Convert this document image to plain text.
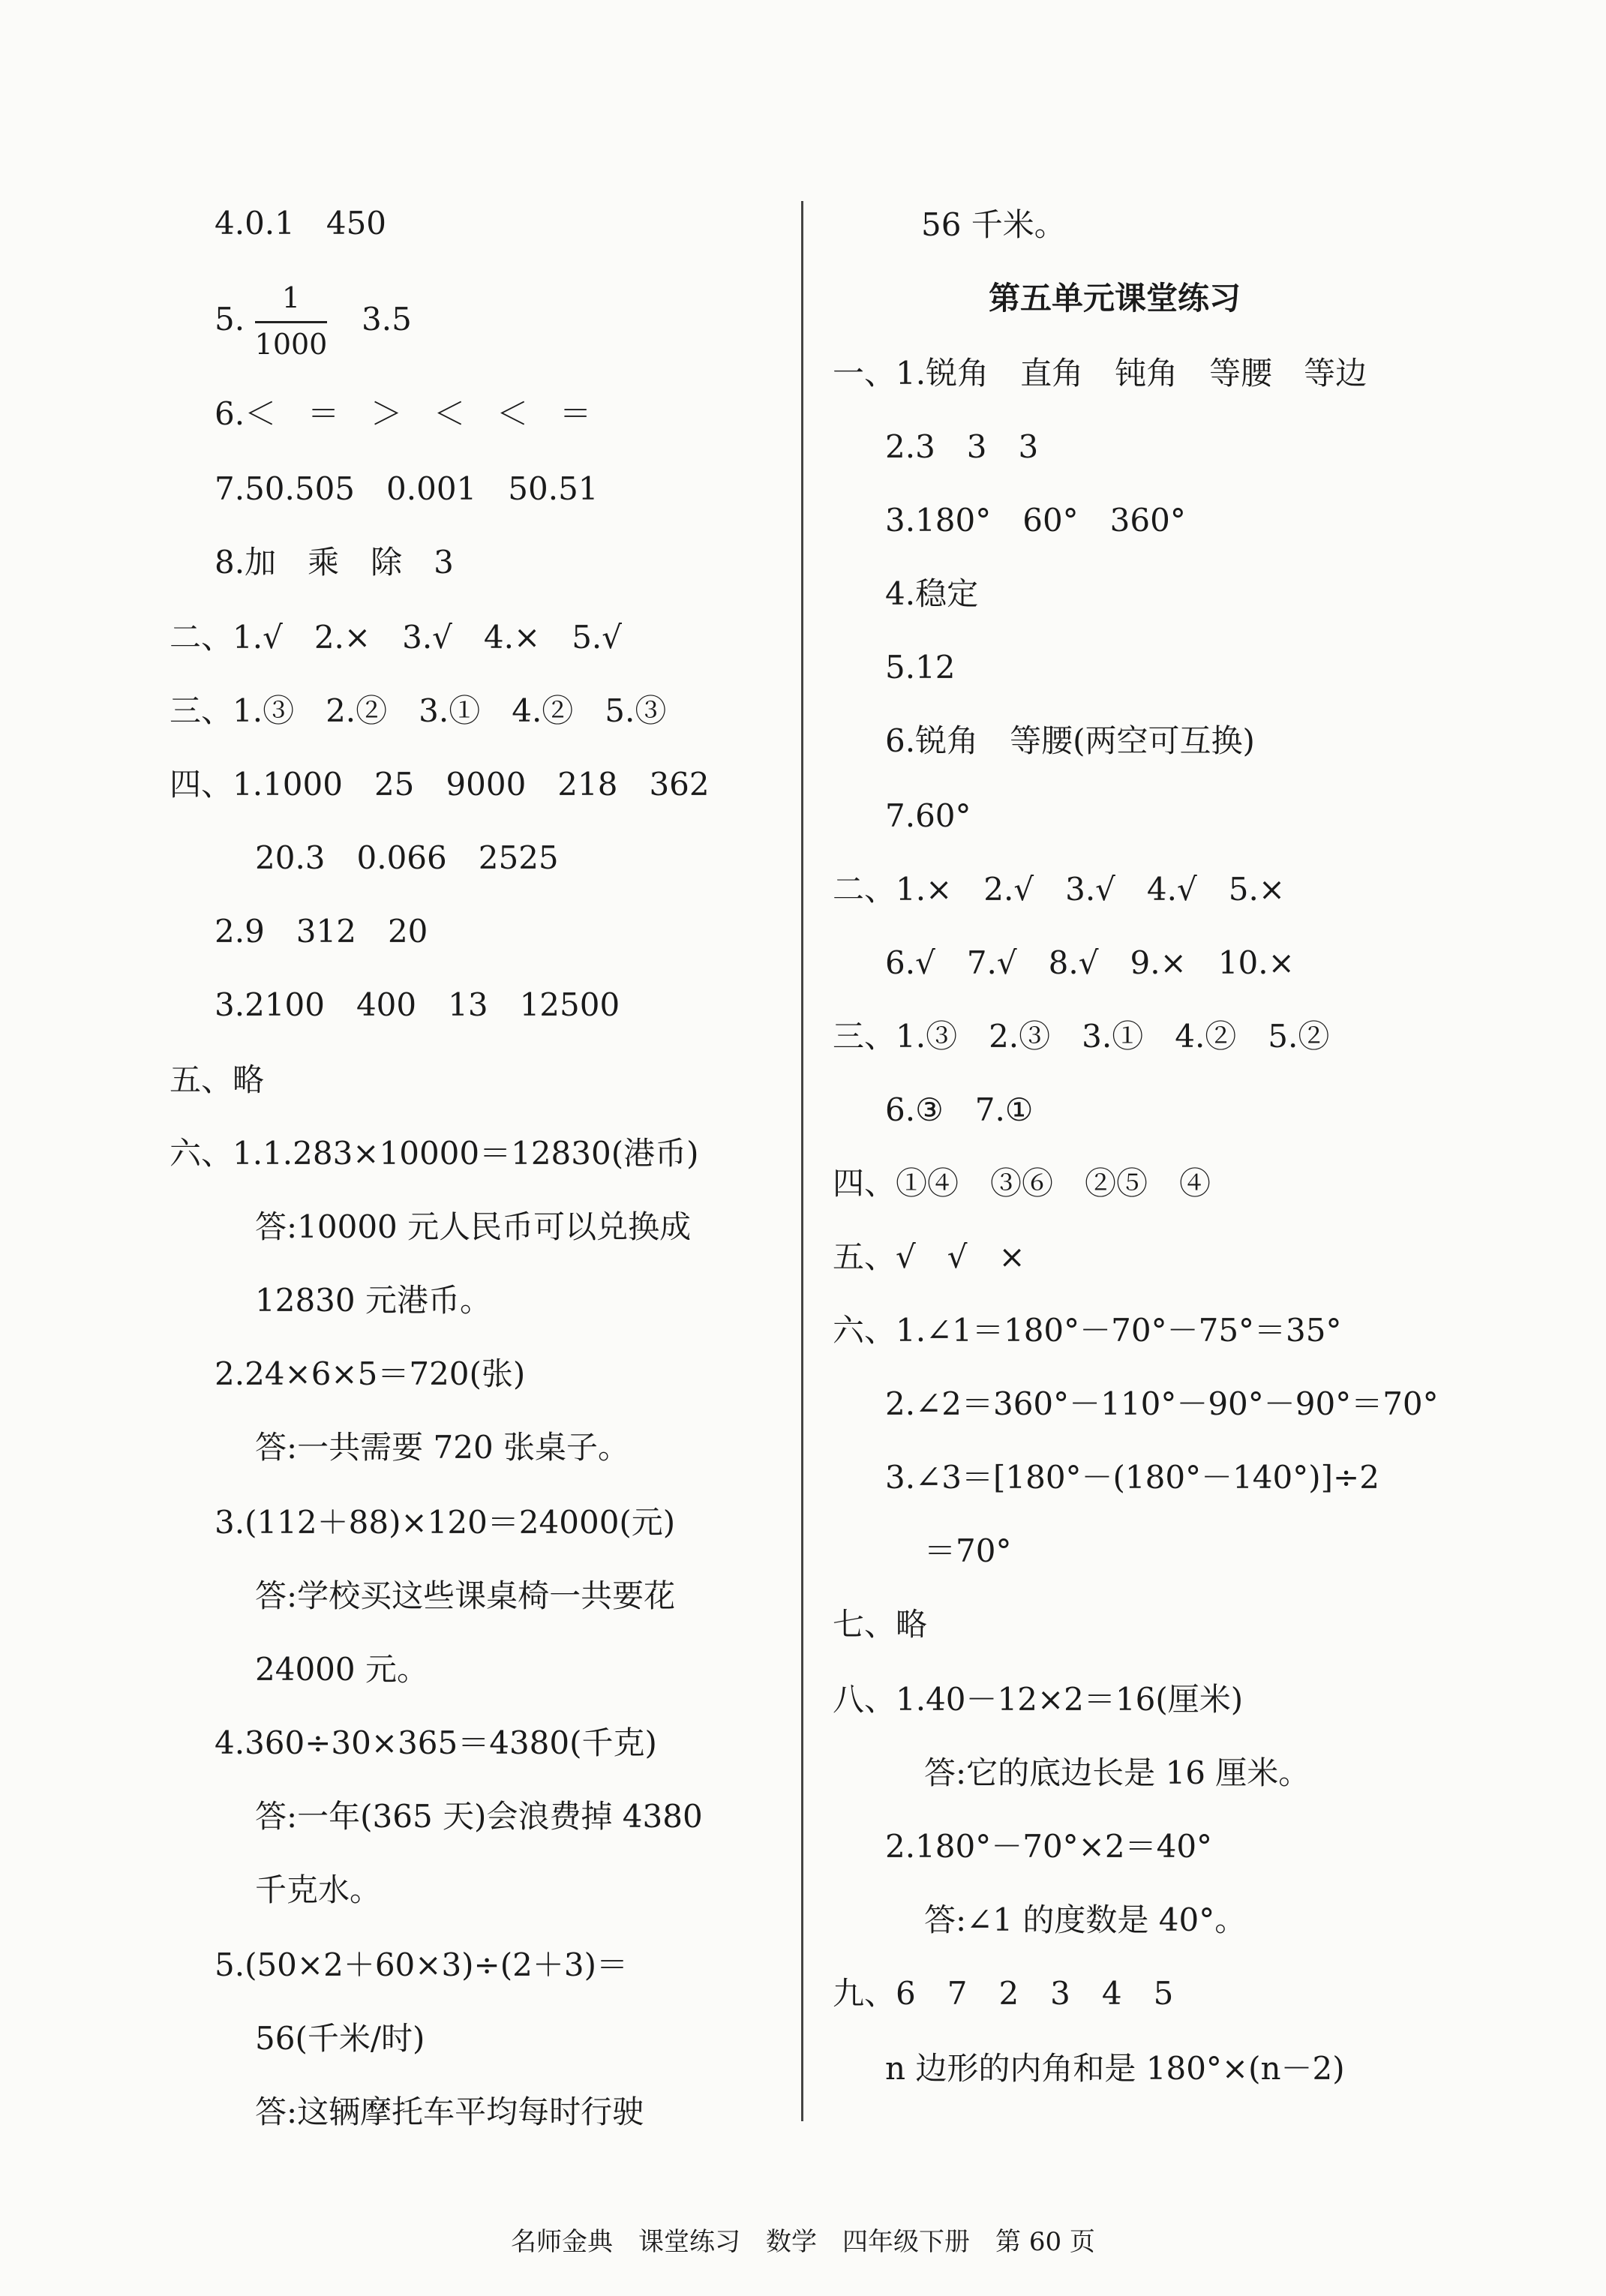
4.0.1　450
5.
1
1000
3.5
6.＜　＝　＞　＜　＜　＝
7.50.505　0.001　50.51
8.加　乘　除　3
二、1.√　2.×　3.√　4.×　5.√
三、1.③　2.②　3.①　4.②　5.③
四、1.1000　25　9000　218　362
20.3　0.066　2525
2.9　312　20
3.2100　400　13　12500
五、略
六、1.1.283×10000＝12830(港币)
答:10000 元人民币可以兑换成
12830 元港币。
2.24×6×5＝720(张)
答:一共需要 720 张桌子。
3.(112＋88)×120＝24000(元)
答:学校买这些课桌椅一共要花
24000 元。
4.360÷30×365＝4380(千克)
答:一年(365 天)会浪费掉 4380
千克水。
5.(50×2＋60×3)÷(2＋3)＝
56(千米/时)
答:这辆摩托车平均每时行驶
56 千米。
一、1.锐角　直角　钝角　等腰　等边
2.3　3　3
3.180°　60°　360°
4.稳定
5.12
6.锐角　等腰(两空可互换)
7.60°
二、1.×　2.√　3.√　4.√　5.×
6.√　7.√　8.√　9.×　10.×
三、1.③　2.③　3.①　4.②　5.②
6.③　7.①
四、①④　③⑥　②⑤　④
五、√　√　×
六、1.∠1＝180°－70°－75°＝35°
2.∠2＝360°－110°－90°－90°＝70°
3.∠3＝[180°－(180°－140°)]÷2
＝70°
七、略
八、1.40－12×2＝16(厘米)
答:它的底边长是 16 厘米。
2.180°－70°×2＝40°
答:∠1 的度数是 40°。
九、6　7　2　3　4　5
n 边形的内角和是 180°×(n－2)
第五单元课堂练习
名师金典　课堂练习　数学　四年级下册　第 60 页
